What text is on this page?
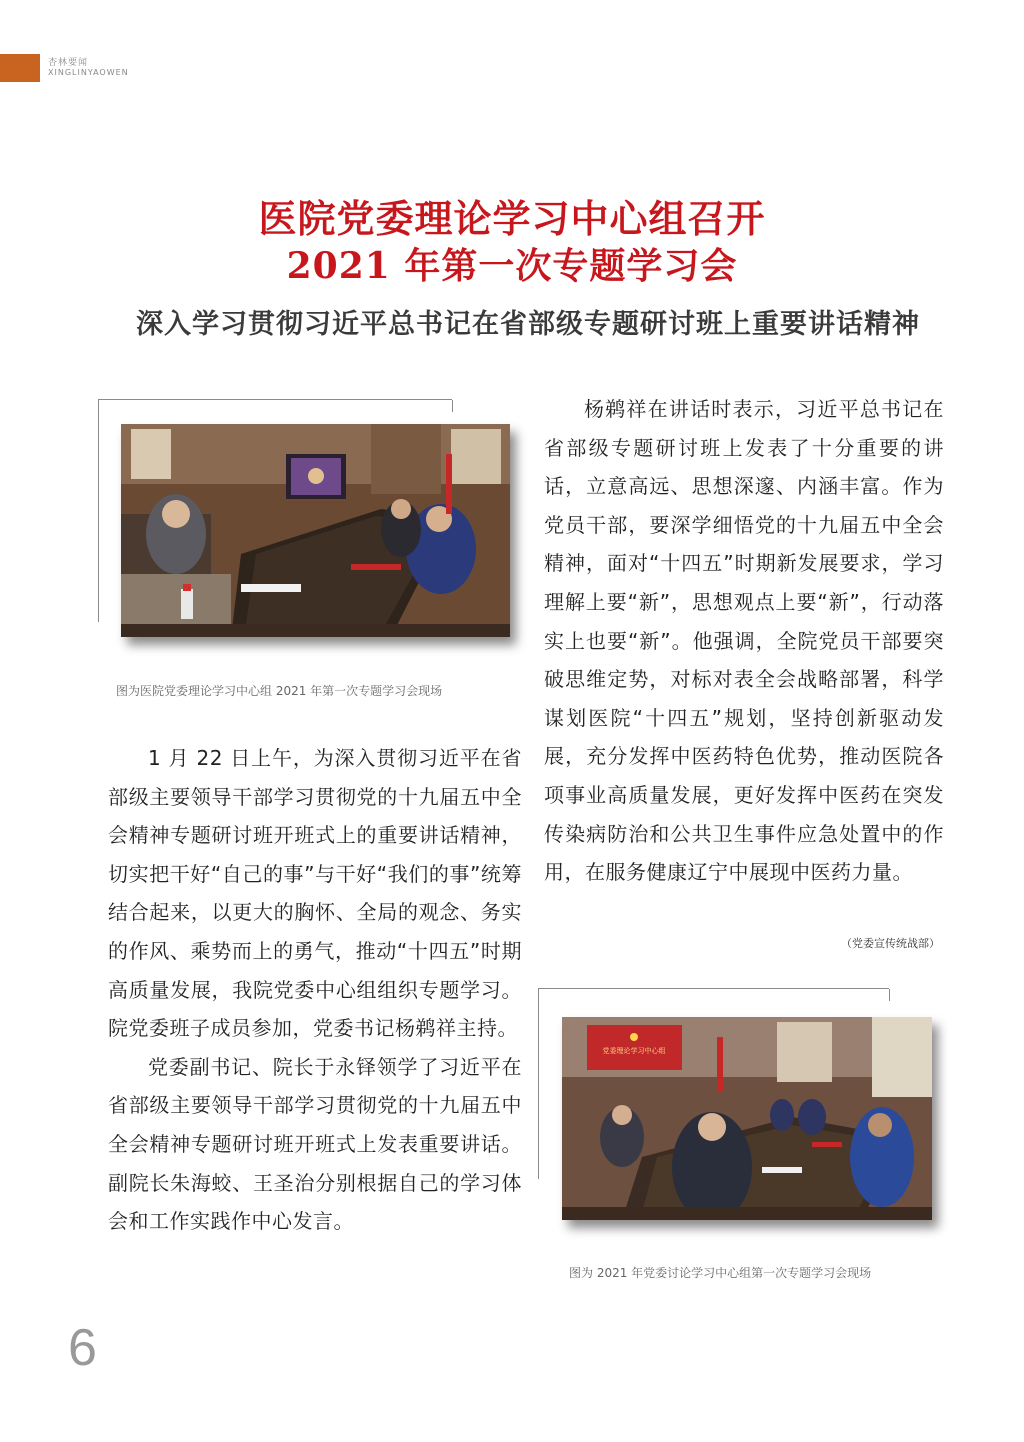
杏林要闻
XINGLINYAOWEN
医院党委理论学习中心组召开
2021 年第一次专题学习会
深入学习贯彻习近平总书记在省部级专题研讨班上重要讲话精神
图为医院党委理论学习中心组 2021 年第一次专题学习会现场

1 月 22 日上午，为深入贯彻习近平在省部级主要领导干部学习贯彻党的十九届五中全会精神专题研讨班开班式上的重要讲话精神，切实把干好“自己的事”与干好“我们的事”统筹结合起来，以更大的胸怀、全局的观念、务实的作风、乘势而上的勇气，推动“十四五”时期高质量发展，我院党委中心组组织专题学习。院党委班子成员参加，党委书记杨鹈祥主持。

党委副书记、院长于永铎领学了习近平在省部级主要领导干部学习贯彻党的十九届五中全会精神专题研讨班开班式上发表重要讲话。副院长朱海蛟、王圣治分别根据自己的学习体会和工作实践作中心发言。

杨鹈祥在讲话时表示，习近平总书记在省部级专题研讨班上发表了十分重要的讲话，立意高远、思想深邃、内涵丰富。作为党员干部，要深学细悟党的十九届五中全会精神，面对“十四五”时期新发展要求，学习理解上要“新”，思想观点上要“新”，行动落实上也要“新”。他强调，全院党员干部要突破思维定势，对标对表全会战略部署，科学谋划医院“十四五”规划，坚持创新驱动发展，充分发挥中医药特色优势，推动医院各项事业高质量发展，更好发挥中医药在突发传染病防治和公共卫生事件应急处置中的作用，在服务健康辽宁中展现中医药力量。

（党委宣传统战部）
党委理论学习中心组
图为 2021 年党委讨论学习中心组第一次专题学习会现场
6
